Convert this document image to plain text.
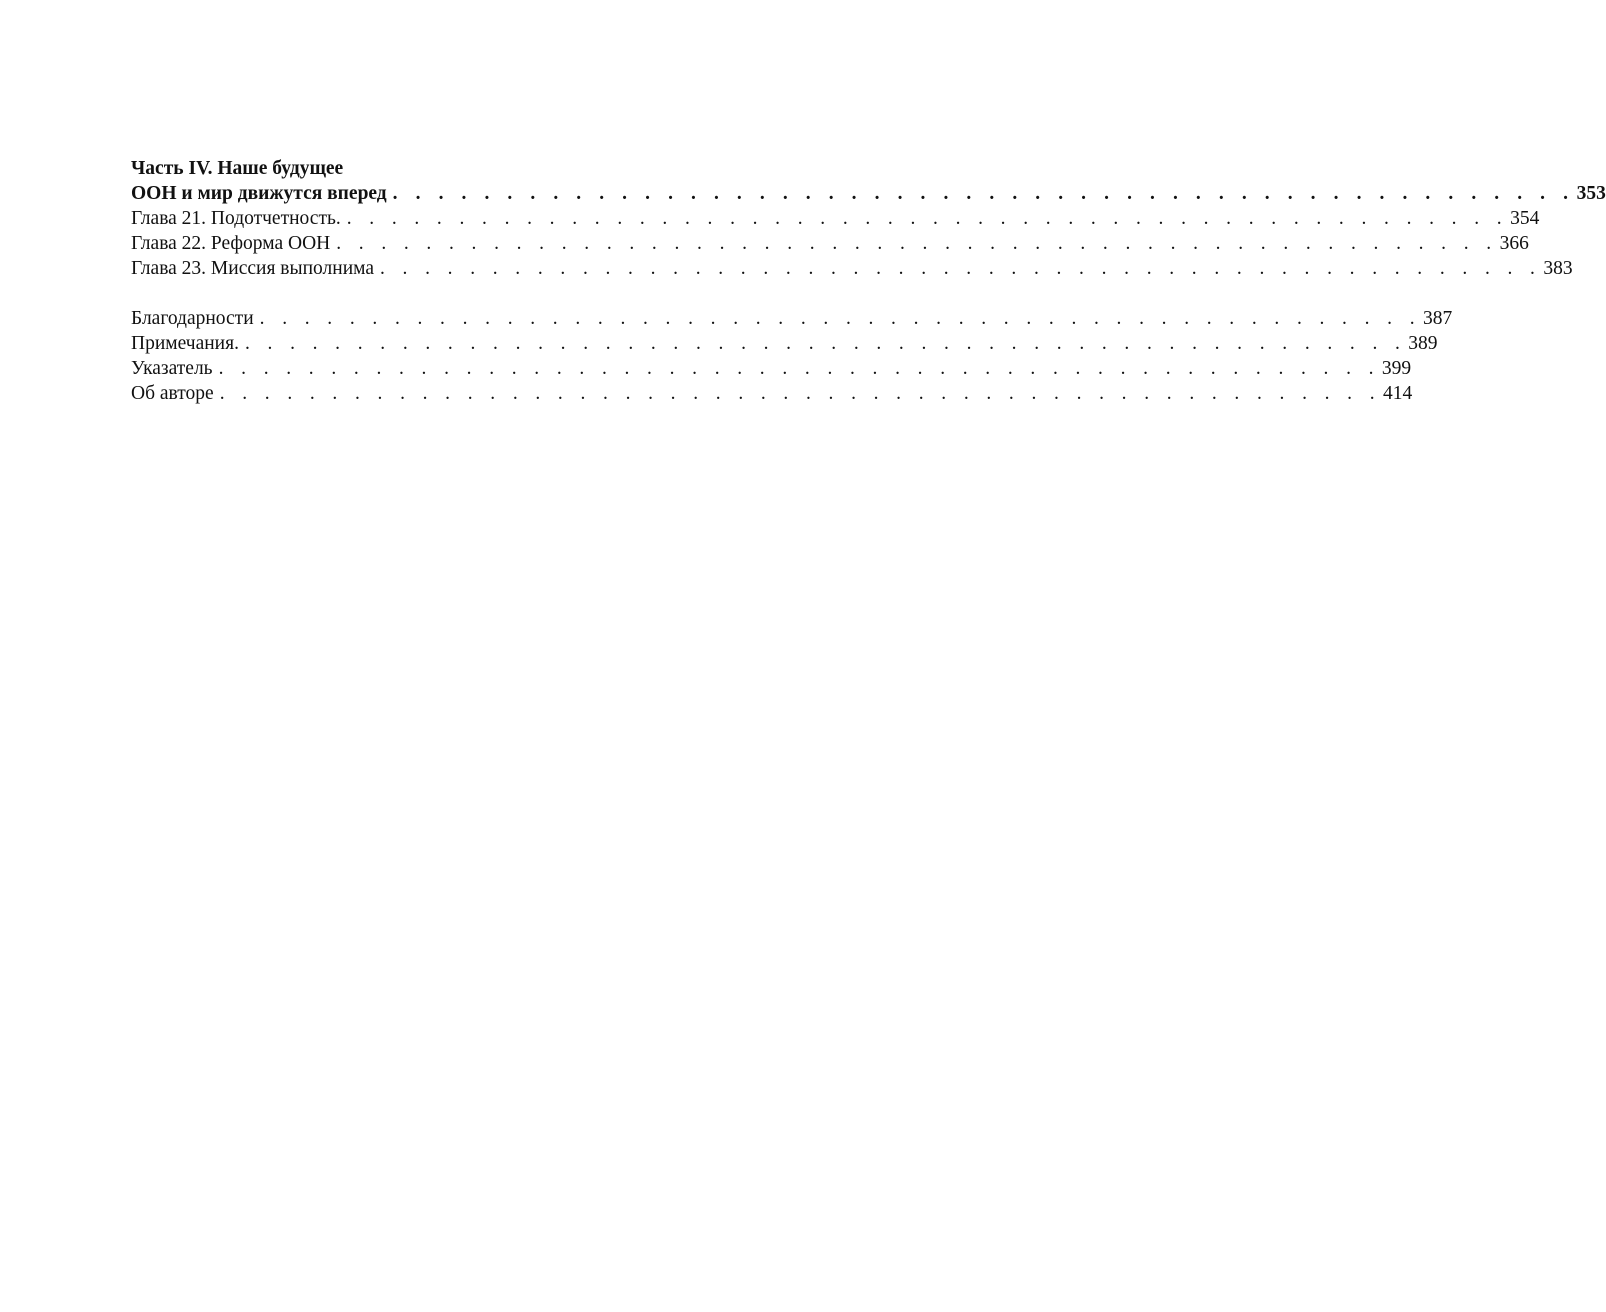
Часть IV. Наше будущее
ООН и мир движутся вперед . . . . . . . . . . . . . . . . . . . . . . . . . . . . . . . . . . . . . . . . . . . . . . . . . . . . 353
Глава 21. Подотчетность. . . . . . . . . . . . . . . . . . . . . . . . . . . . . . . . . . . . . . . . . . . . . . . . . . . . . 354
Глава 22. Реформа ООН . . . . . . . . . . . . . . . . . . . . . . . . . . . . . . . . . . . . . . . . . . . . . . . . . . . . 366
Глава 23. Миссия выполнима . . . . . . . . . . . . . . . . . . . . . . . . . . . . . . . . . . . . . . . . . . . . . . . . . . . . 383
Благодарности . . . . . . . . . . . . . . . . . . . . . . . . . . . . . . . . . . . . . . . . . . . . . . . . . . . . 387
Примечания. . . . . . . . . . . . . . . . . . . . . . . . . . . . . . . . . . . . . . . . . . . . . . . . . . . . . 389
Указатель . . . . . . . . . . . . . . . . . . . . . . . . . . . . . . . . . . . . . . . . . . . . . . . . . . . . 399
Об авторе . . . . . . . . . . . . . . . . . . . . . . . . . . . . . . . . . . . . . . . . . . . . . . . . . . . . 414
